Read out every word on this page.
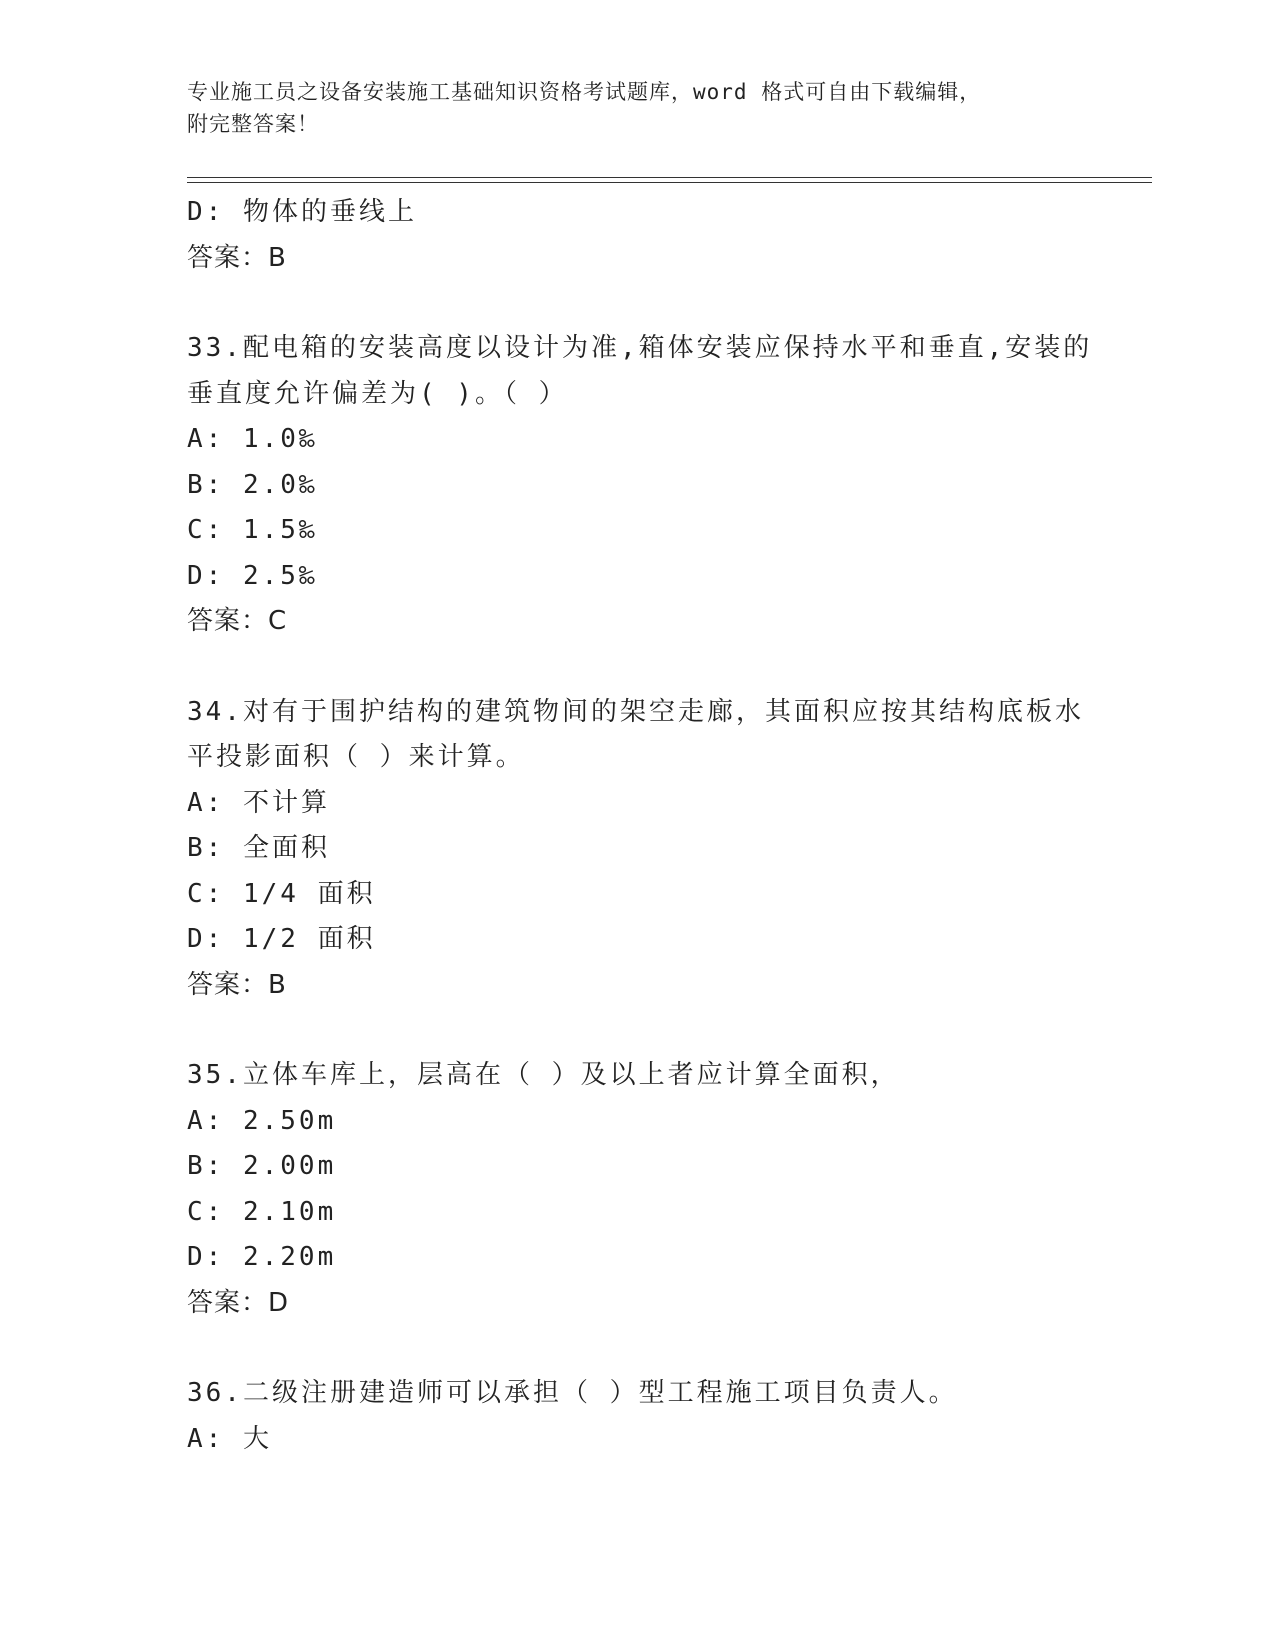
专业施工员之设备安装施工基础知识资格考试题库，word 格式可自由下载编辑，
附完整答案！
D: 物体的垂线上
答案：B
33.配电箱的安装高度以设计为准,箱体安装应保持水平和垂直,安装的
垂直度允许偏差为( )。（ ）
A: 1.0‰
B: 2.0‰
C: 1.5‰
D: 2.5‰
答案：C
34.对有于围护结构的建筑物间的架空走廊，其面积应按其结构底板水
平投影面积（ ）来计算。
A: 不计算
B: 全面积
C: 1/4 面积
D: 1/2 面积
答案：B
35.立体车库上，层高在（ ）及以上者应计算全面积，
A: 2.50m
B: 2.00m
C: 2.10m
D: 2.20m
答案：D
36.二级注册建造师可以承担（ ）型工程施工项目负责人。
A: 大
